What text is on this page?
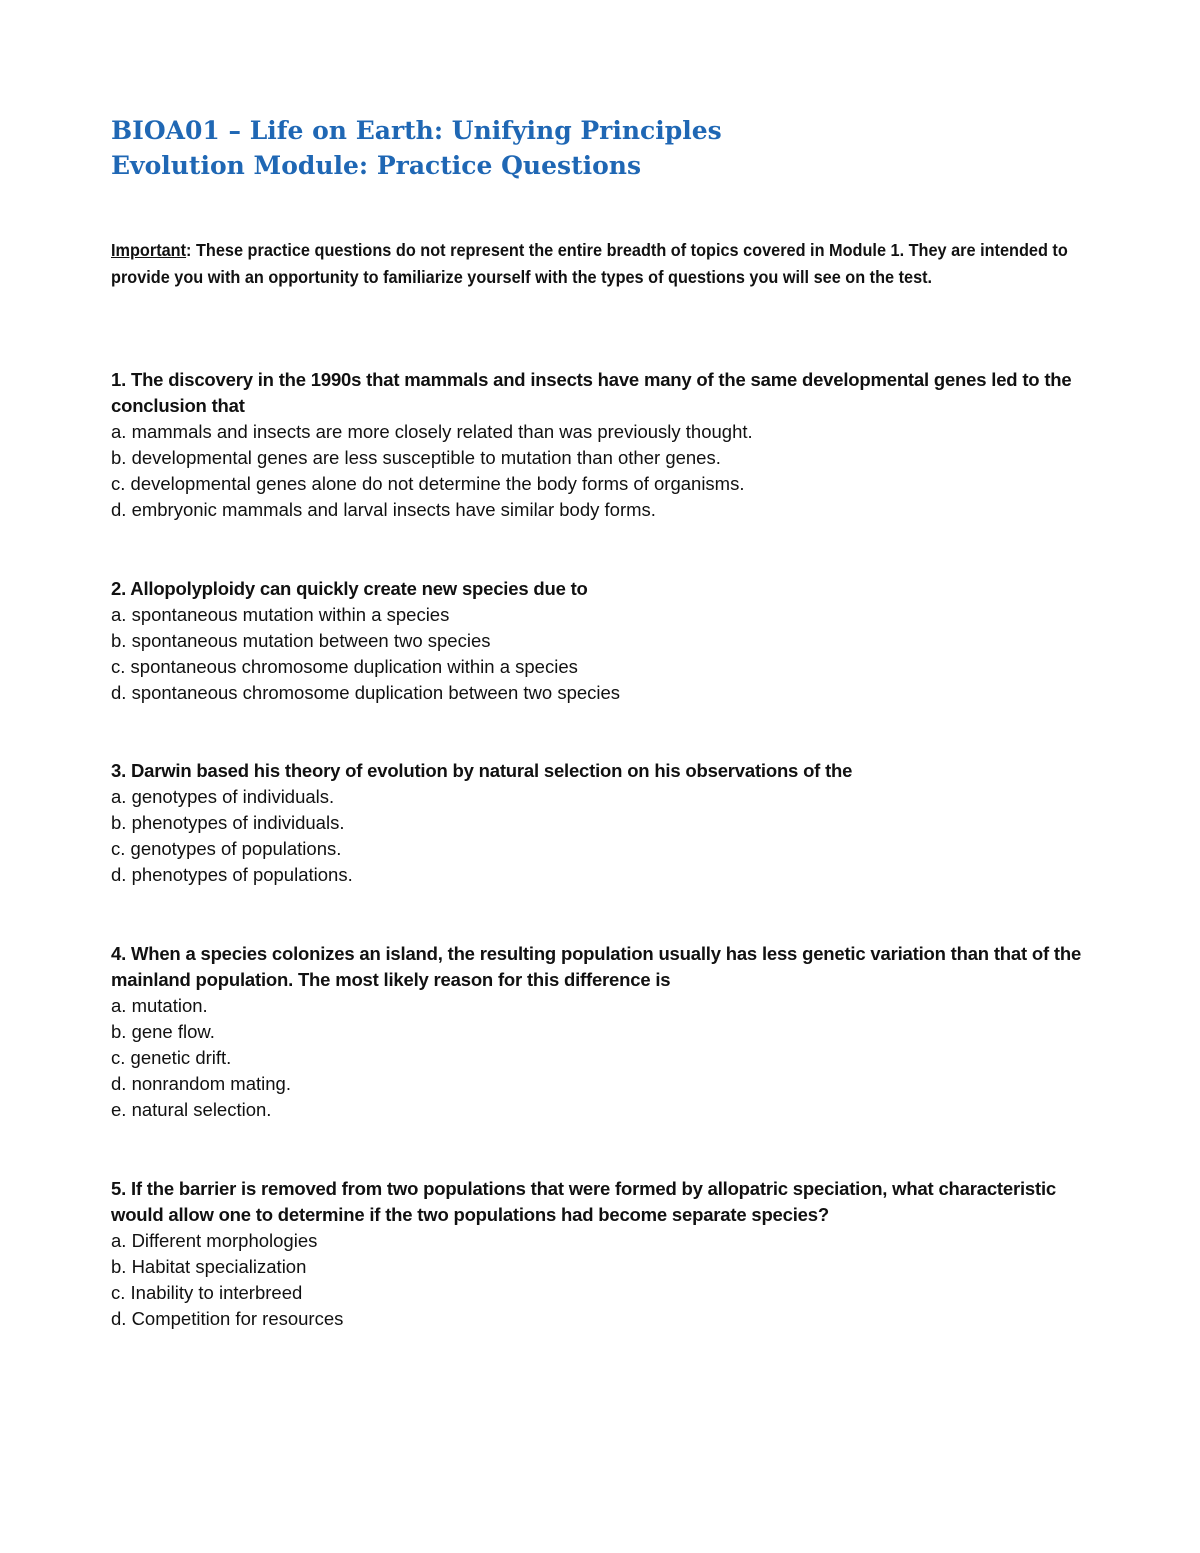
BIOA01 – Life on Earth: Unifying Principles
Evolution Module: Practice Questions
Important: These practice questions do not represent the entire breadth of topics covered in Module 1. They are intended to provide you with an opportunity to familiarize yourself with the types of questions you will see on the test.
1. The discovery in the 1990s that mammals and insects have many of the same developmental genes led to the conclusion that
a. mammals and insects are more closely related than was previously thought.
b. developmental genes are less susceptible to mutation than other genes.
c. developmental genes alone do not determine the body forms of organisms.
d. embryonic mammals and larval insects have similar body forms.
2. Allopolyploidy can quickly create new species due to
a. spontaneous mutation within a species
b. spontaneous mutation between two species
c. spontaneous chromosome duplication within a species
d. spontaneous chromosome duplication between two species
3. Darwin based his theory of evolution by natural selection on his observations of the
a. genotypes of individuals.
b. phenotypes of individuals.
c. genotypes of populations.
d. phenotypes of populations.
4. When a species colonizes an island, the resulting population usually has less genetic variation than that of the mainland population. The most likely reason for this difference is
a. mutation.
b. gene flow.
c. genetic drift.
d. nonrandom mating.
e. natural selection.
5. If the barrier is removed from two populations that were formed by allopatric speciation, what characteristic would allow one to determine if the two populations had become separate species?
a. Different morphologies
b. Habitat specialization
c. Inability to interbreed
d. Competition for resources
